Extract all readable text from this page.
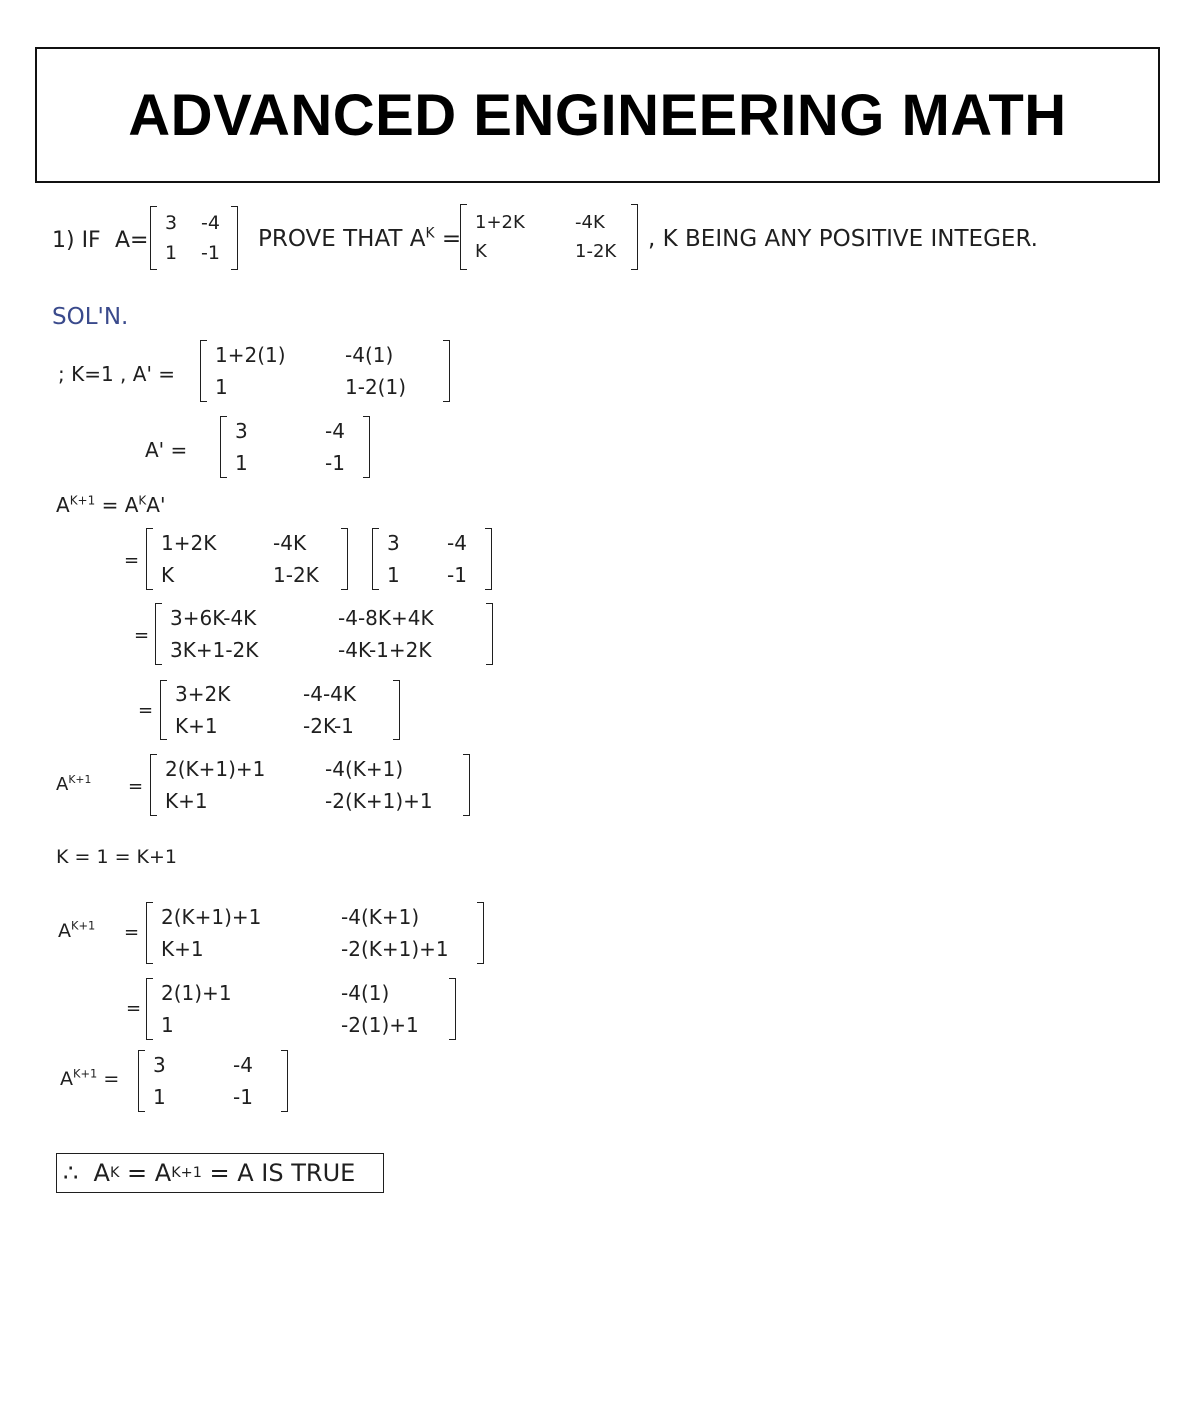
ADVANCED ENGINEERING MATH
1) IF A=
3	-4
1	-1
PROVE THAT $A^K$ =
1+2K	-4K
K	1-2K , K BEING ANY POSITIVE INTEGER.
SOL'N.
; K=1 , A' =
1+2(1)	-4(1)
1	1-2(1)
A' =
3	-4
1	-1
$A^{K+1} = A^KA'$
=
1+2K	-4K
K	1-2K
3	-4
1	-1
=
3+6K-4K	-4-8K+4K
3K+1-2K	-4K-1+2K
=
3+2K	-4-4K
K+1	-2K-1
$A^{K+1}$ =
2(K+1)+1	-4(K+1)
K+1	-2(K+1)+1
K = 1 = K+1
$A^{K+1}$ =
2(K+1)+1	-4(K+1)
K+1	-2(K+1)+1
=
2(1)+1	-4(1)
1	-2(1)+1
$A^{K+1}$ =
3	-4
1	-1
∴
A K
= A K+1
= A IS TRUE
